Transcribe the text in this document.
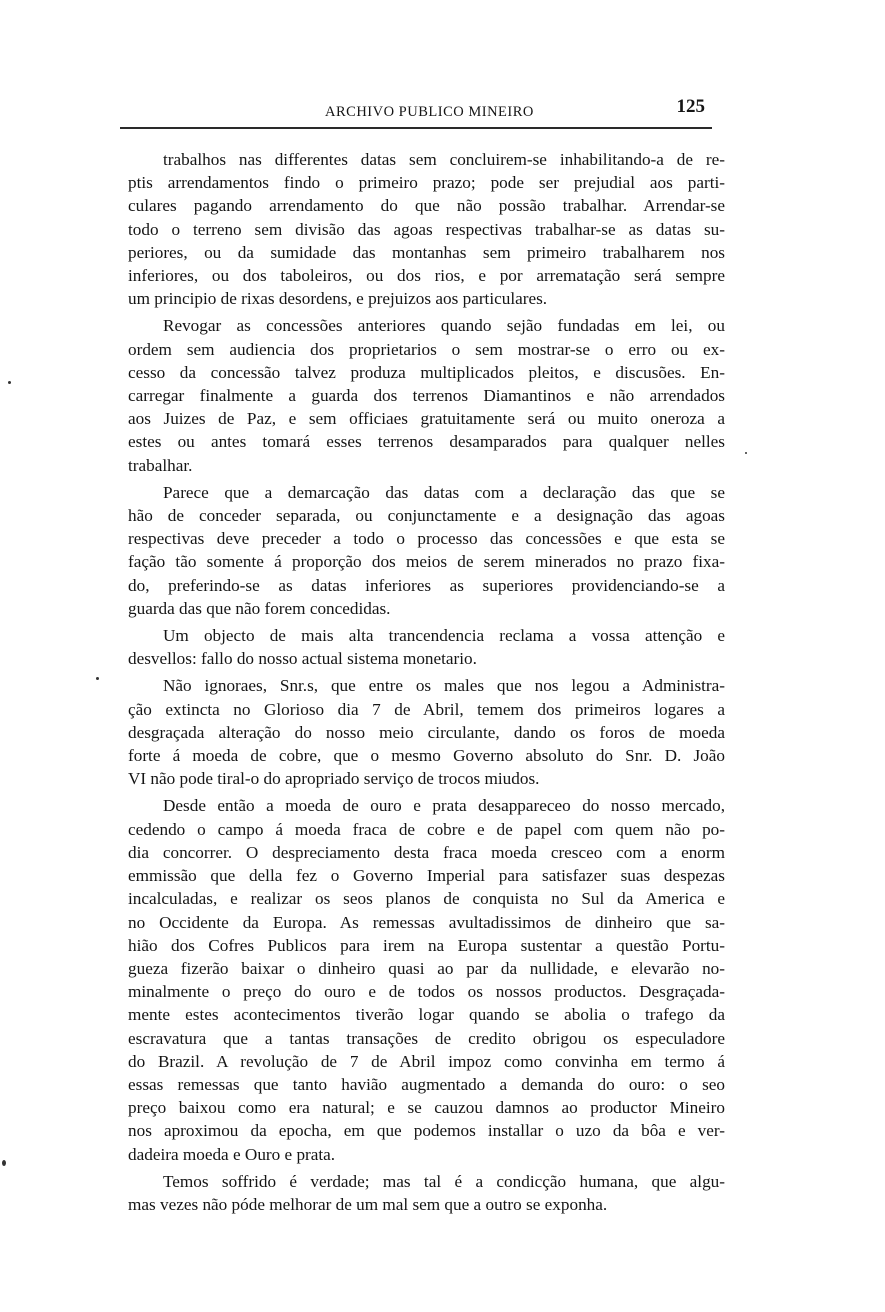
ARCHIVO PUBLICO MINEIRO	125
trabalhos nas differentes datas sem concluirem-se inhabilitando-a de re-
ptis arrendamentos findo o primeiro prazo; pode ser prejudial aos parti-
culares pagando arrendamento do que não possão trabalhar. Arrendar-se
todo o terreno sem divisão das agoas respectivas trabalhar-se as datas su-
periores, ou da sumidade das montanhas sem primeiro trabalharem nos
inferiores, ou dos taboleiros, ou dos rios, e por arrematação será sempre
um principio de rixas desordens, e prejuizos aos particulares.
Revogar as concessões anteriores quando sejão fundadas em lei, ou
ordem sem audiencia dos proprietarios o sem mostrar-se o erro ou ex-
cesso da concessão talvez produza multiplicados pleitos, e discusões. En-
carregar finalmente a guarda dos terrenos Diamantinos e não arrendados
aos Juizes de Paz, e sem officiaes gratuitamente será ou muito oneroza a
estes ou antes tomará esses terrenos desamparados para qualquer nelles
trabalhar.
Parece que a demarcação das datas com a declaração das que se
hão de conceder separada, ou conjunctamente e a designação das agoas
respectivas deve preceder a todo o processo das concessões e que esta se
fação tão somente á proporção dos meios de serem minerados no prazo fixa-
do, preferindo-se as datas inferiores as superiores providenciando-se a
guarda das que não forem concedidas.
Um objecto de mais alta trancendencia reclama a vossa attenção e
desvellos: fallo do nosso actual sistema monetario.
Não ignoraes, Snr.s, que entre os males que nos legou a Administra-
ção extincta no Glorioso dia 7 de Abril, temem dos primeiros logares a
desgraçada alteração do nosso meio circulante, dando os foros de moeda
forte á moeda de cobre, que o mesmo Governo absoluto do Snr. D. João
VI não pode tiral-o do apropriado serviço de trocos miudos.
Desde então a moeda de ouro e prata desappareceo do nosso mercado,
cedendo o campo á moeda fraca de cobre e de papel com quem não po-
dia concorrer. O despreciamento desta fraca moeda cresceo com a enorm
emmissão que della fez o Governo Imperial para satisfazer suas despezas
incalculadas, e realizar os seos planos de conquista no Sul da America e
no Occidente da Europa. As remessas avultadissimos de dinheiro que sa-
hião dos Cofres Publicos para irem na Europa sustentar a questão Portu-
gueza fizerão baixar o dinheiro quasi ao par da nullidade, e elevarão no-
minalmente o preço do ouro e de todos os nossos productos. Desgraçada-
mente estes acontecimentos tiverão logar quando se abolia o trafego da
escravatura que a tantas transações de credito obrigou os especuladore
do Brazil. A revolução de 7 de Abril impoz como convinha em termo á
essas remessas que tanto havião augmentado a demanda do ouro: o seo
preço baixou como era natural; e se cauzou damnos ao productor Mineiro
nos aproximou da epocha, em que podemos installar o uzo da bôa e ver-
dadeira moeda e Ouro e prata.
Temos soffrido é verdade; mas tal é a condicção humana, que algu-
mas vezes não póde melhorar de um mal sem que a outro se exponha.
